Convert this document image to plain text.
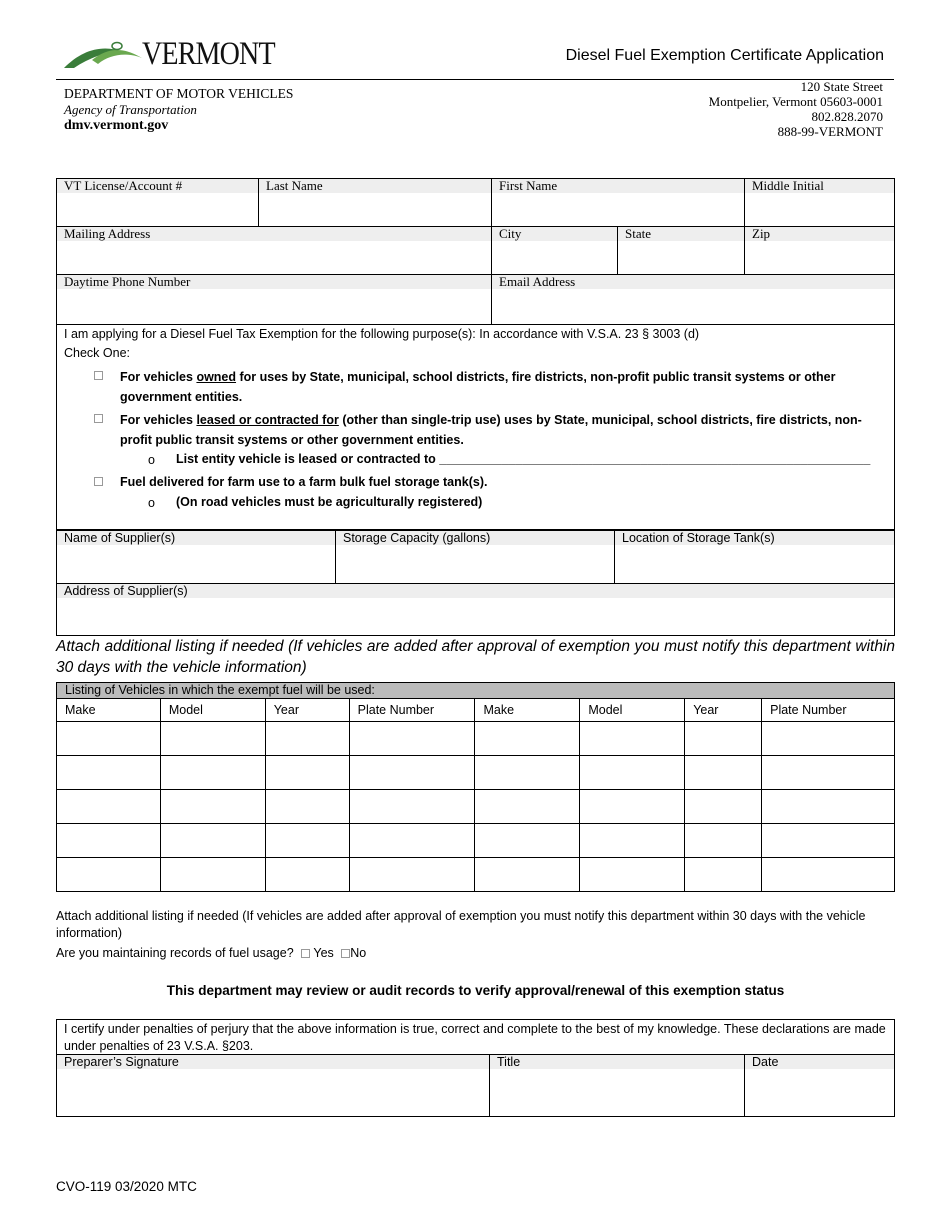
VERMONT	Diesel Fuel Exemption Certificate Application
DEPARTMENT OF MOTOR VEHICLES
Agency of Transportation
dmv.vermont.gov
120 State Street
Montpelier, Vermont 05603-0001
802.828.2070
888-99-VERMONT
VT License/Account #	Last Name	First Name	Middle Initial
Mailing Address	City	State	Zip
Daytime Phone Number	Email Address
I am applying for a Diesel Fuel Tax Exemption for the following purpose(s): In accordance with V.S.A. 23 § 3003 (d)
Check One:
For vehicles owned for uses by State, municipal, school districts, fire districts, non-profit public transit systems or other government entities.
For vehicles leased or contracted for (other than single-trip use) uses by State, municipal, school districts, fire districts, non-profit public transit systems or other government entities.
o List entity vehicle is leased or contracted to ______________________________________________________________
Fuel delivered for farm use to a farm bulk fuel storage tank(s).
o (On road vehicles must be agriculturally registered)
Name of Supplier(s)	Storage Capacity (gallons)	Location of Storage Tank(s)
Address of Supplier(s)
Attach additional listing if needed (If vehicles are added after approval of exemption you must notify this department within 30 days with the vehicle information)
Listing of Vehicles in which the exempt fuel will be used:							
Make	Model	Year	Plate Number	Make	Model	Year	Plate Number

Attach additional listing if needed (If vehicles are added after approval of exemption you must notify this department within 30 days with the vehicle information)
Are you maintaining records of fuel usage? Yes No
This department may review or audit records to verify approval/renewal of this exemption status
I certify under penalties of perjury that the above information is true, correct and complete to the best of my knowledge. These declarations are made under penalties of 23 V.S.A. §203.
Preparer’s Signature	Title	Date
CVO-119 03/2020 MTC
